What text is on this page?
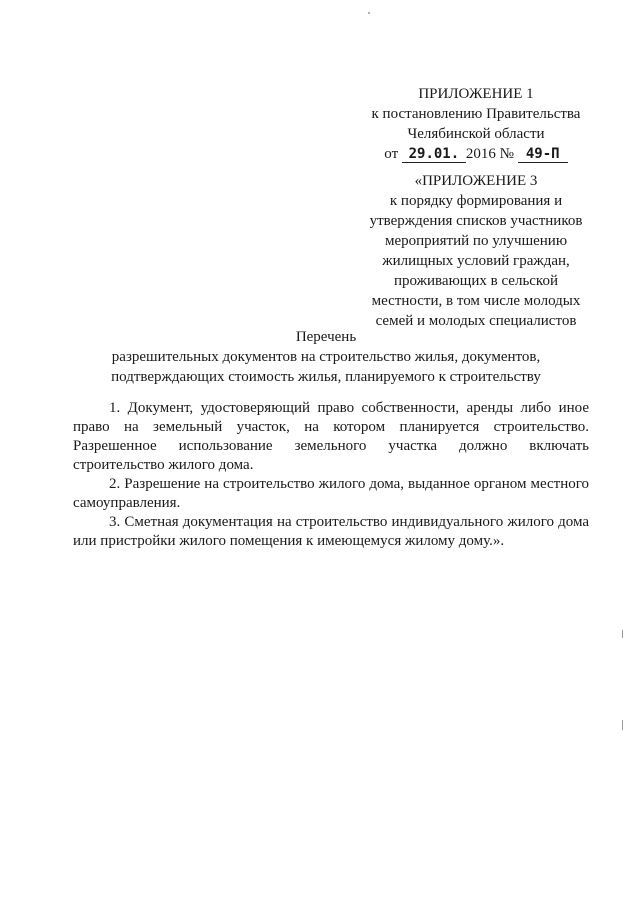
ПРИЛОЖЕНИЕ 1
к постановлению Правительства
Челябинской области
от 29.01. 2016 № 49-П
«ПРИЛОЖЕНИЕ 3
к порядку формирования и
утверждения списков участников
мероприятий по улучшению
жилищных условий граждан,
проживающих в сельской
местности, в том числе молодых
семей и молодых специалистов
Перечень
разрешительных документов на строительство жилья, документов,
подтверждающих стоимость жилья, планируемого к строительству

1. Документ, удостоверяющий право собственности, аренды либо иное право на земельный участок, на котором планируется строительство. Разрешенное использование земельного участка должно включать строительство жилого дома.

2. Разрешение на строительство жилого дома, выданное органом местного самоуправления.

3. Сметная документация на строительство индивидуального жилого дома или пристройки жилого помещения к имеющемуся жилому дому.».
